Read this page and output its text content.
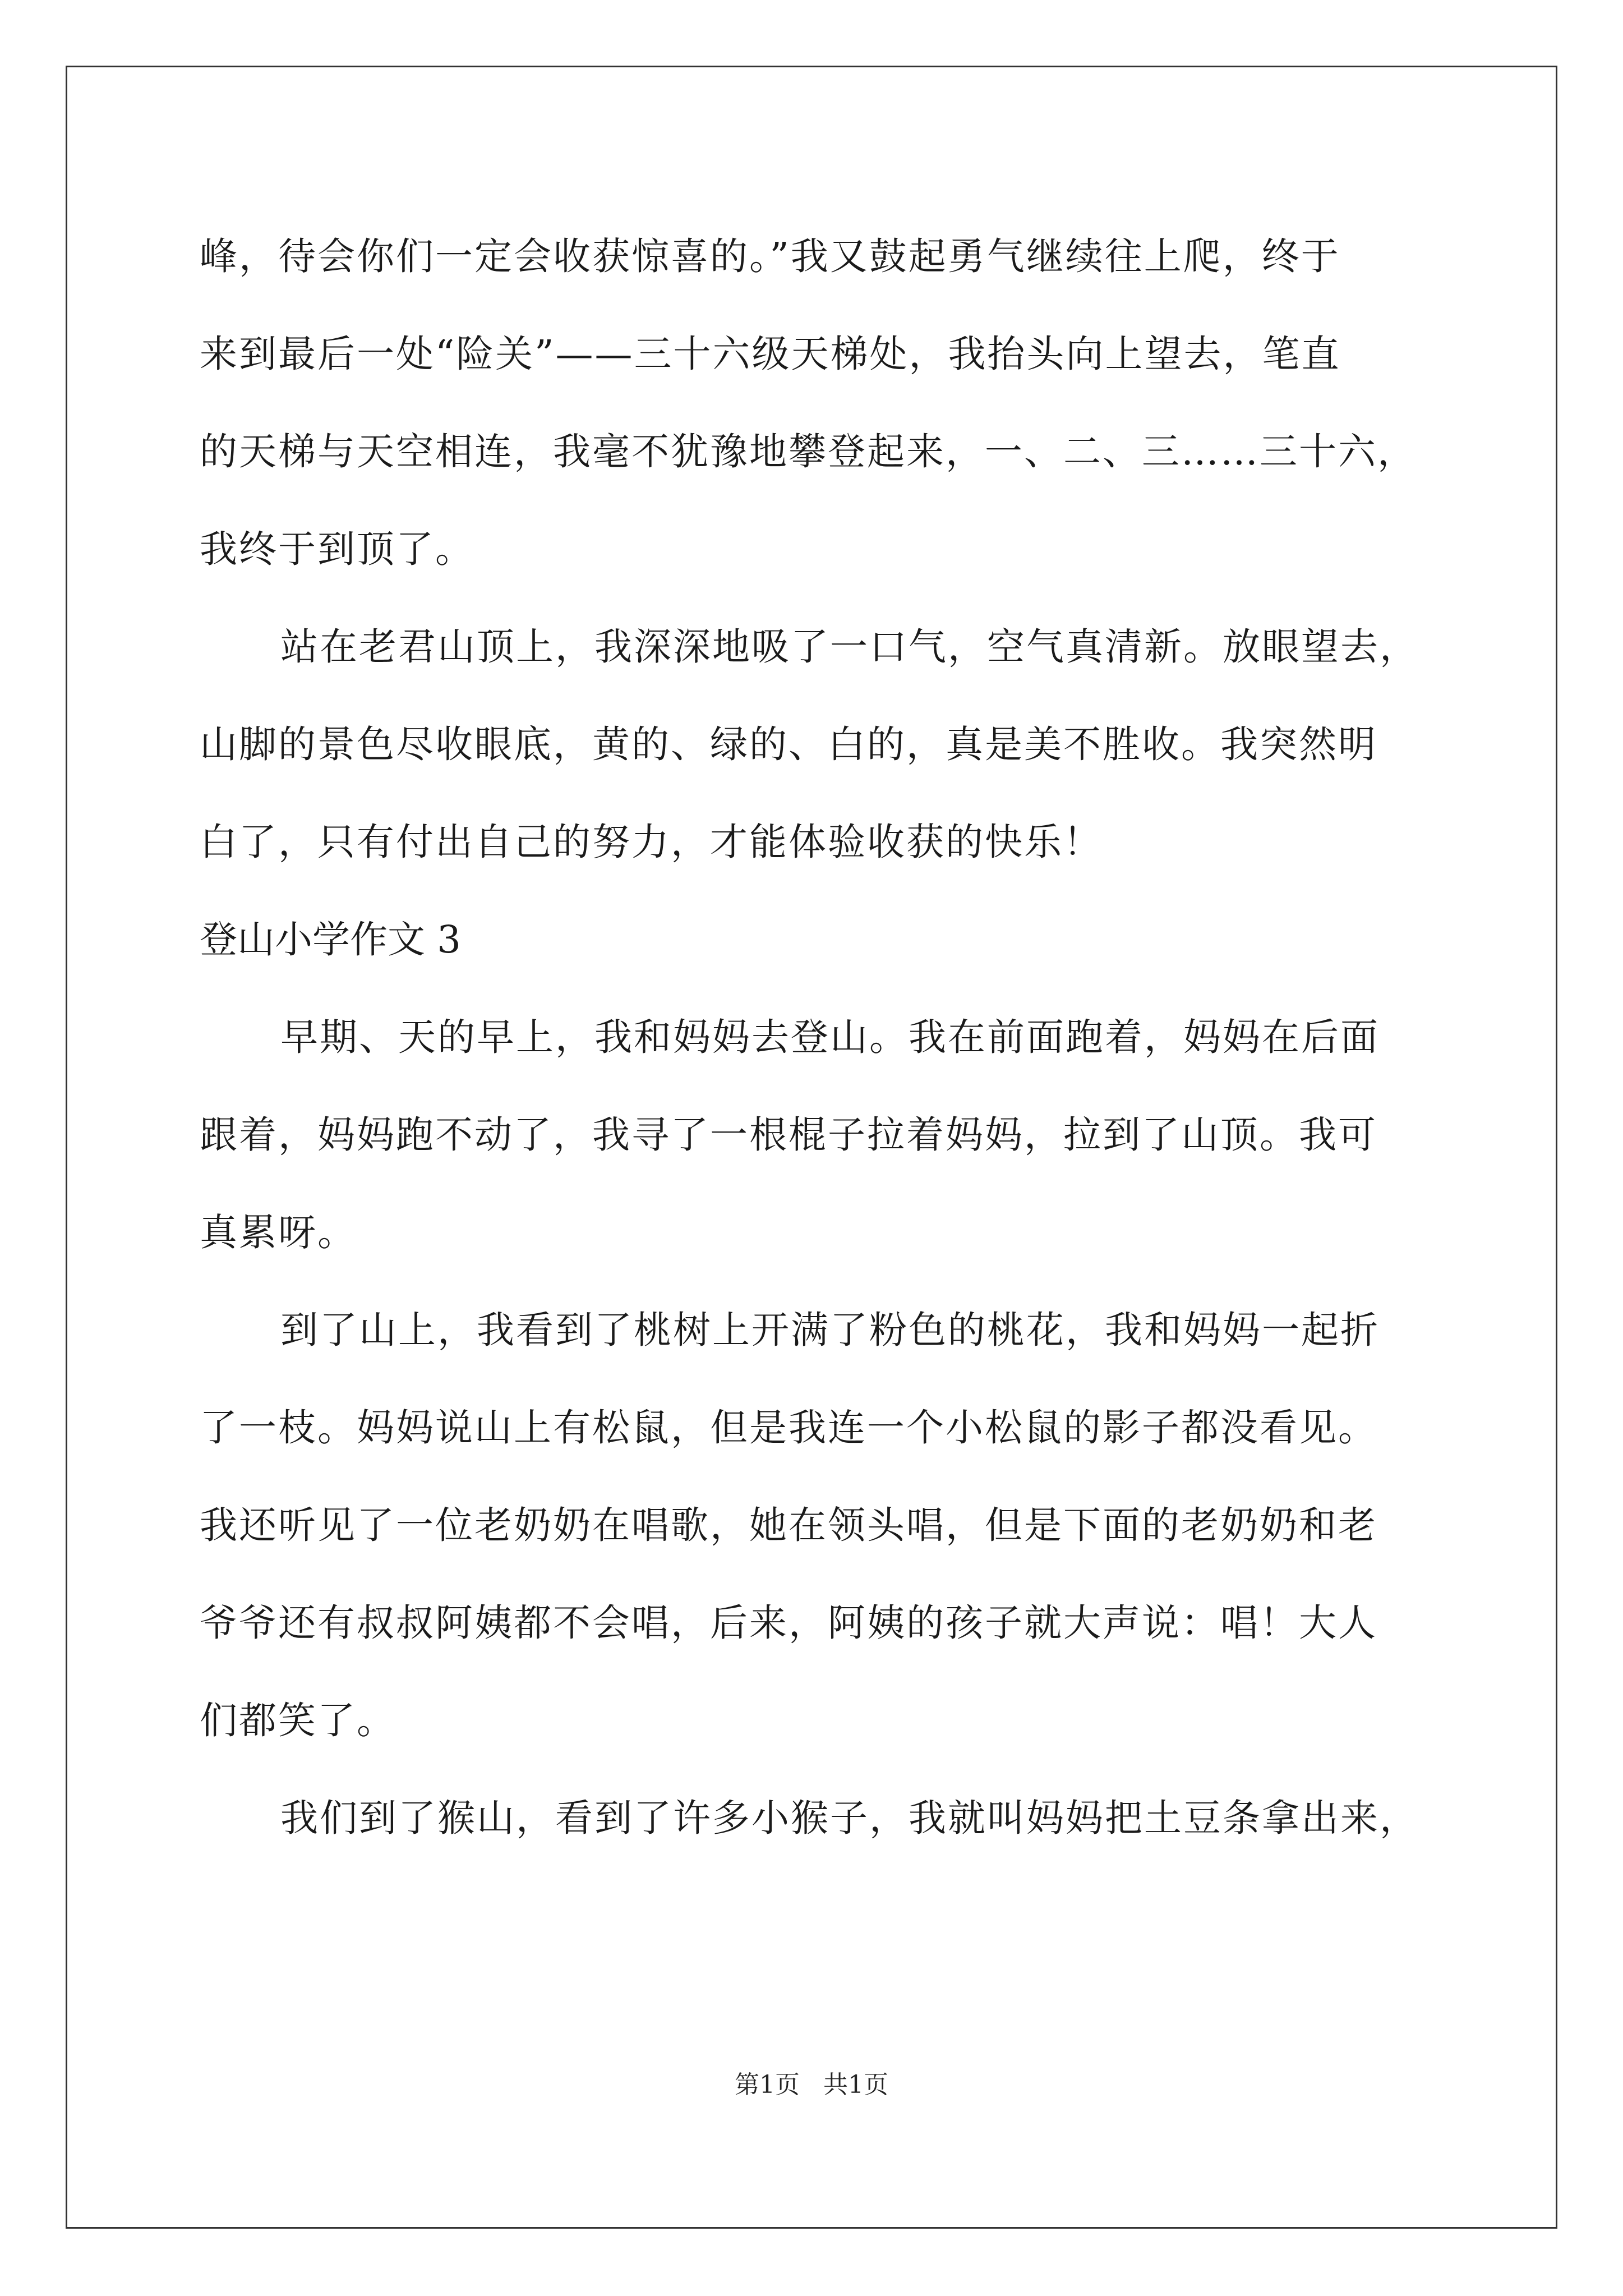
峰，待会你们一定会收获惊喜的。”我又鼓起勇气继续往上爬，终于
来到最后一处“险关”——三十六级天梯处，我抬头向上望去，笔直
的天梯与天空相连，我毫不犹豫地攀登起来，一、二、三……三十六，
我终于到顶了。
站在老君山顶上，我深深地吸了一口气，空气真清新。放眼望去，
山脚的景色尽收眼底，黄的、绿的、白的，真是美不胜收。我突然明
白了，只有付出自己的努力，才能体验收获的快乐！
登山小学作文 3
早期、天的早上，我和妈妈去登山。我在前面跑着，妈妈在后面
跟着，妈妈跑不动了，我寻了一根棍子拉着妈妈，拉到了山顶。我可
真累呀。
到了山上，我看到了桃树上开满了粉色的桃花，我和妈妈一起折
了一枝。妈妈说山上有松鼠，但是我连一个小松鼠的影子都没看见。
我还听见了一位老奶奶在唱歌，她在领头唱，但是下面的老奶奶和老
爷爷还有叔叔阿姨都不会唱，后来，阿姨的孩子就大声说：唱！大人
们都笑了。
我们到了猴山，看到了许多小猴子，我就叫妈妈把土豆条拿出来，
第1页   共1页
